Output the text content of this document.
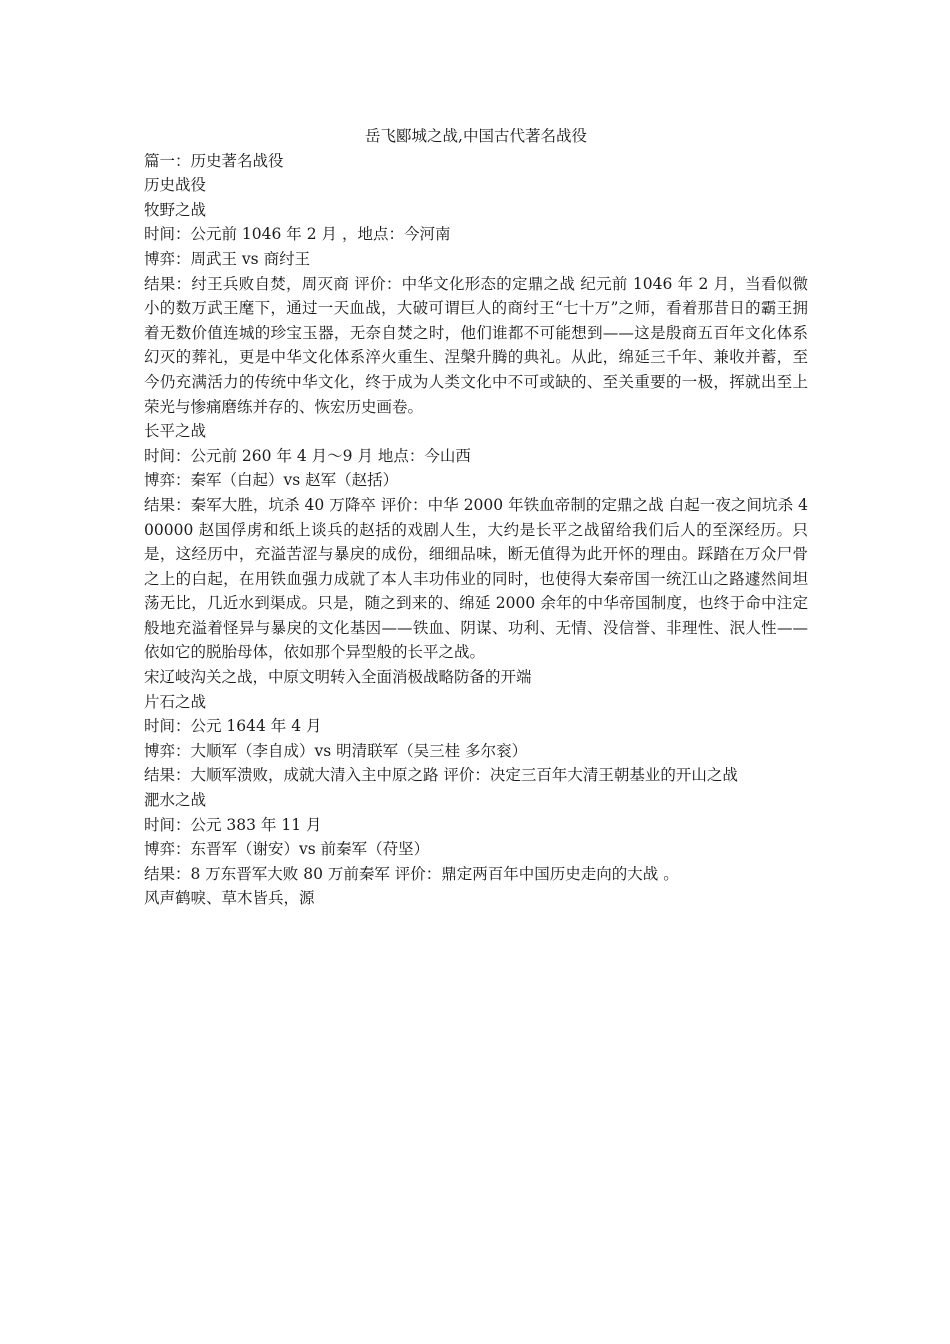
岳飞郾城之战,中国古代著名战役

篇一：历史著名战役

历史战役

牧野之战

时间：公元前 1046 年 2 月 ，地点：今河南

博弈：周武王 vs 商纣王

结果：纣王兵败自焚，周灭商 评价：中华文化形态的定鼎之战 纪元前 1046 年 2 月，当看似微小的数万武王麾下，通过一天血战，大破可谓巨人的商纣王“七十万”之师，看着那昔日的霸王拥着无数价值连城的珍宝玉器，无奈自焚之时，他们谁都不可能想到——这是殷商五百年文化体系幻灭的葬礼，更是中华文化体系淬火重生、涅槃升腾的典礼。从此，绵延三千年、兼收并蓄，至今仍充满活力的传统中华文化，终于成为人类文化中不可或缺的、至关重要的一极，挥就出至上荣光与惨痛磨练并存的、恢宏历史画卷。

长平之战

时间：公元前 260 年 4 月～9 月 地点：今山西

博弈：秦军（白起）vs 赵军（赵括）

结果：秦军大胜，坑杀 40 万降卒 评价：中华 2000 年铁血帝制的定鼎之战 白起一夜之间坑杀 400000 赵国俘虏和纸上谈兵的赵括的戏剧人生，大约是长平之战留给我们后人的至深经历。只是，这经历中，充溢苦涩与暴戾的成份，细细品味，断无值得为此开怀的理由。踩踏在万众尸骨之上的白起，在用铁血强力成就了本人丰功伟业的同时，也使得大秦帝国一统江山之路遽然间坦荡无比，几近水到渠成。只是，随之到来的、绵延 2000 余年的中华帝国制度，也终于命中注定般地充溢着怪异与暴戾的文化基因——铁血、阴谋、功利、无情、没信誉、非理性、泯人性——依如它的脱胎母体，依如那个异型般的长平之战。

宋辽岐沟关之战，中原文明转入全面消极战略防备的开端

片石之战

时间：公元 1644 年 4 月

博弈：大顺军（李自成）vs 明清联军（吴三桂 多尔衮）

结果：大顺军溃败，成就大清入主中原之路 评价：决定三百年大清王朝基业的开山之战

淝水之战

时间：公元 383 年 11 月

博弈：东晋军（谢安）vs 前秦军（苻坚）

结果：8 万东晋军大败 80 万前秦军 评价：鼎定两百年中国历史走向的大战 。

风声鹤唳、草木皆兵，源
